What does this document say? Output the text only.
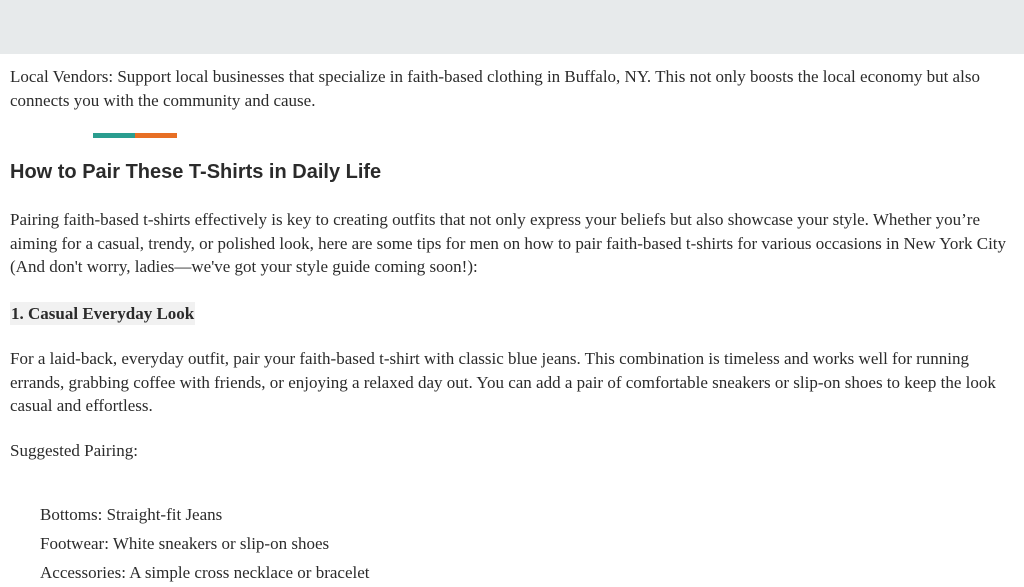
Local Vendors: Support local businesses that specialize in faith-based clothing in Buffalo, NY. This not only boosts the local economy but also connects you with the community and cause.

How to Pair These T-Shirts in Daily Life

Pairing faith-based t-shirts effectively is key to creating outfits that not only express your beliefs but also showcase your style. Whether you’re aiming for a casual, trendy, or polished look, here are some tips for men on how to pair faith-based t-shirts for various occasions in New York City (And don't worry, ladies—we've got your style guide coming soon!):

1. Casual Everyday Look

For a laid-back, everyday outfit, pair your faith-based t-shirt with classic blue jeans. This combination is timeless and works well for running errands, grabbing coffee with friends, or enjoying a relaxed day out. You can add a pair of comfortable sneakers or slip-on shoes to keep the look casual and effortless.

Suggested Pairing:

Bottoms: Straight-fit Jeans
Footwear: White sneakers or slip-on shoes
Accessories: A simple cross necklace or bracelet
